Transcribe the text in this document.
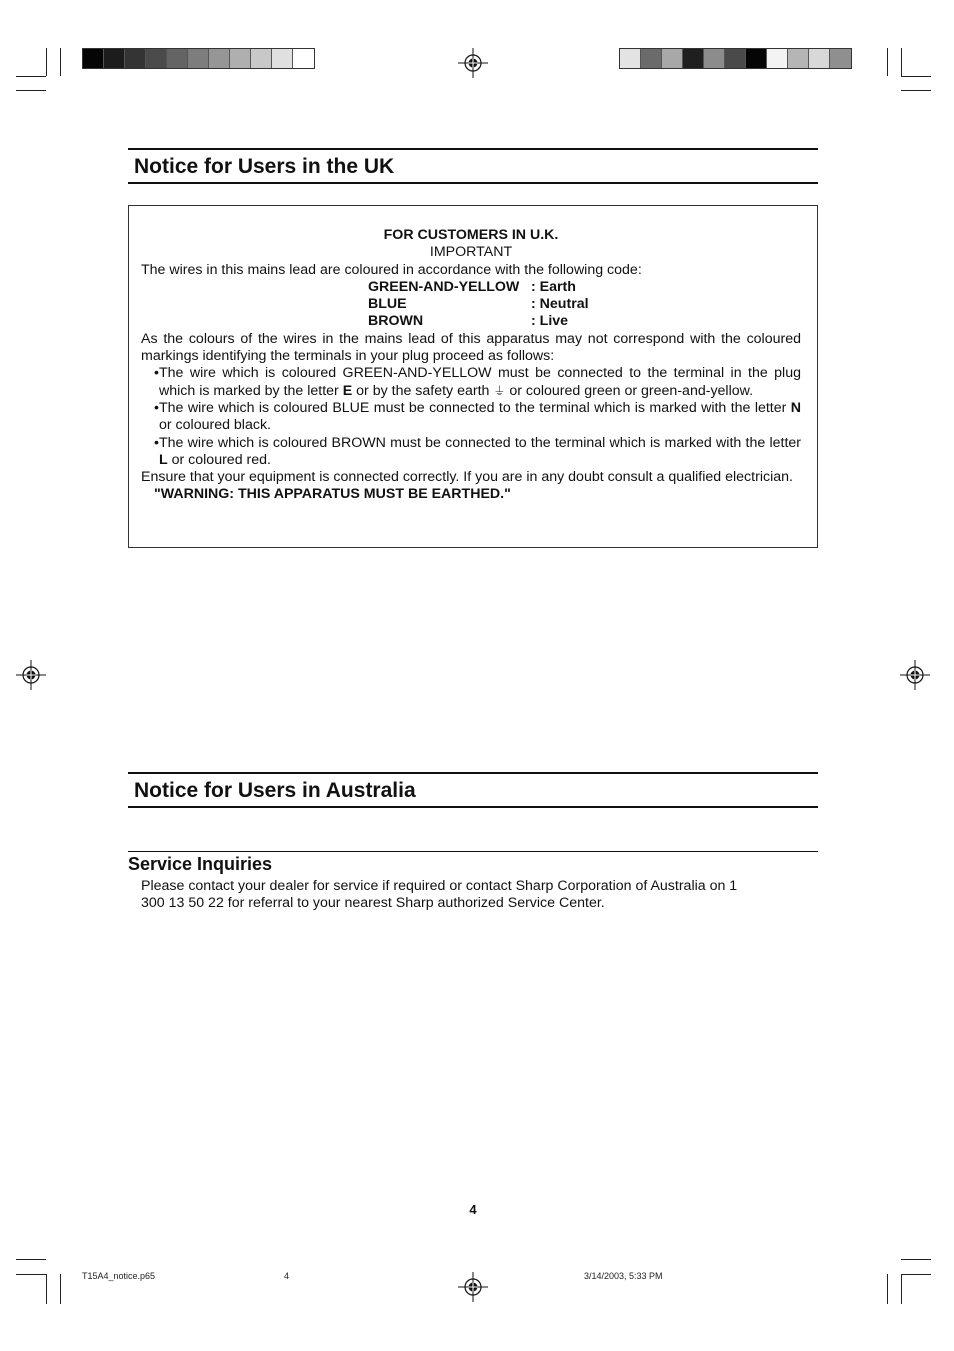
Notice for Users in the UK
FOR CUSTOMERS IN U.K.
IMPORTANT
The wires in this mains lead are coloured in accordance with the following code:
GREEN-AND-YELLOW : Earth
BLUE	: Neutral
BROWN	: Live
As the colours of the wires in the mains lead of this apparatus may not correspond with the coloured markings identifying the terminals in your plug proceed as follows:
• The wire which is coloured GREEN-AND-YELLOW must be connected to the terminal in the plug which is marked by the letter E or by the safety earth ⏚ or coloured green or green-and-yellow.
• The wire which is coloured BLUE must be connected to the terminal which is marked with the letter N or coloured black.
• The wire which is coloured BROWN must be connected to the terminal which is marked with the letter L or coloured red.
Ensure that your equipment is connected correctly. If you are in any doubt consult a qualified electrician.
"WARNING: THIS APPARATUS MUST BE EARTHED."
Notice for Users in Australia
Service Inquiries

Please contact your dealer for service if required or contact Sharp Corporation of Australia on 1 300 13 50 22 for referral to your nearest Sharp authorized Service Center.

4
T15A4_notice.p65	4	3/14/2003, 5:33 PM
